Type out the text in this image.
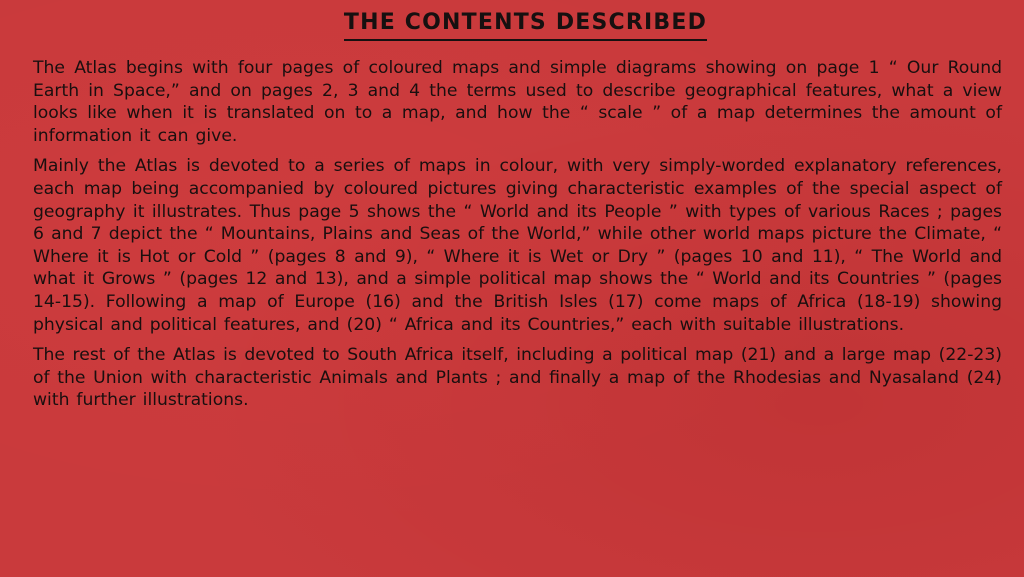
THE CONTENTS DESCRIBED

The Atlas begins with four pages of coloured maps and simple diagrams showing on page 1 “ Our Round Earth in Space,” and on pages 2, 3 and 4 the terms used to describe geographical features, what a view looks like when it is translated on to a map, and how the “ scale ” of a map determines the amount of information it can give.

Mainly the Atlas is devoted to a series of maps in colour, with very simply-worded explanatory references, each map being accompanied by coloured pictures giving characteristic examples of the special aspect of geography it illustrates. Thus page 5 shows the “ World and its People ” with types of various Races ; pages 6 and 7 depict the “ Mountains, Plains and Seas of the World,” while other world maps picture the Climate, “ Where it is Hot or Cold ” (pages 8 and 9), “ Where it is Wet or Dry ” (pages 10 and 11), “ The World and what it Grows ” (pages 12 and 13), and a simple political map shows the “ World and its Countries ” (pages 14-15). Following a map of Europe (16) and the British Isles (17) come maps of Africa (18-19) showing physical and political features, and (20) “ Africa and its Countries,” each with suitable illustrations.

The rest of the Atlas is devoted to South Africa itself, including a political map (21) and a large map (22-23) of the Union with characteristic Animals and Plants ; and finally a map of the Rhodesias and Nyasaland (24) with further illustrations.
